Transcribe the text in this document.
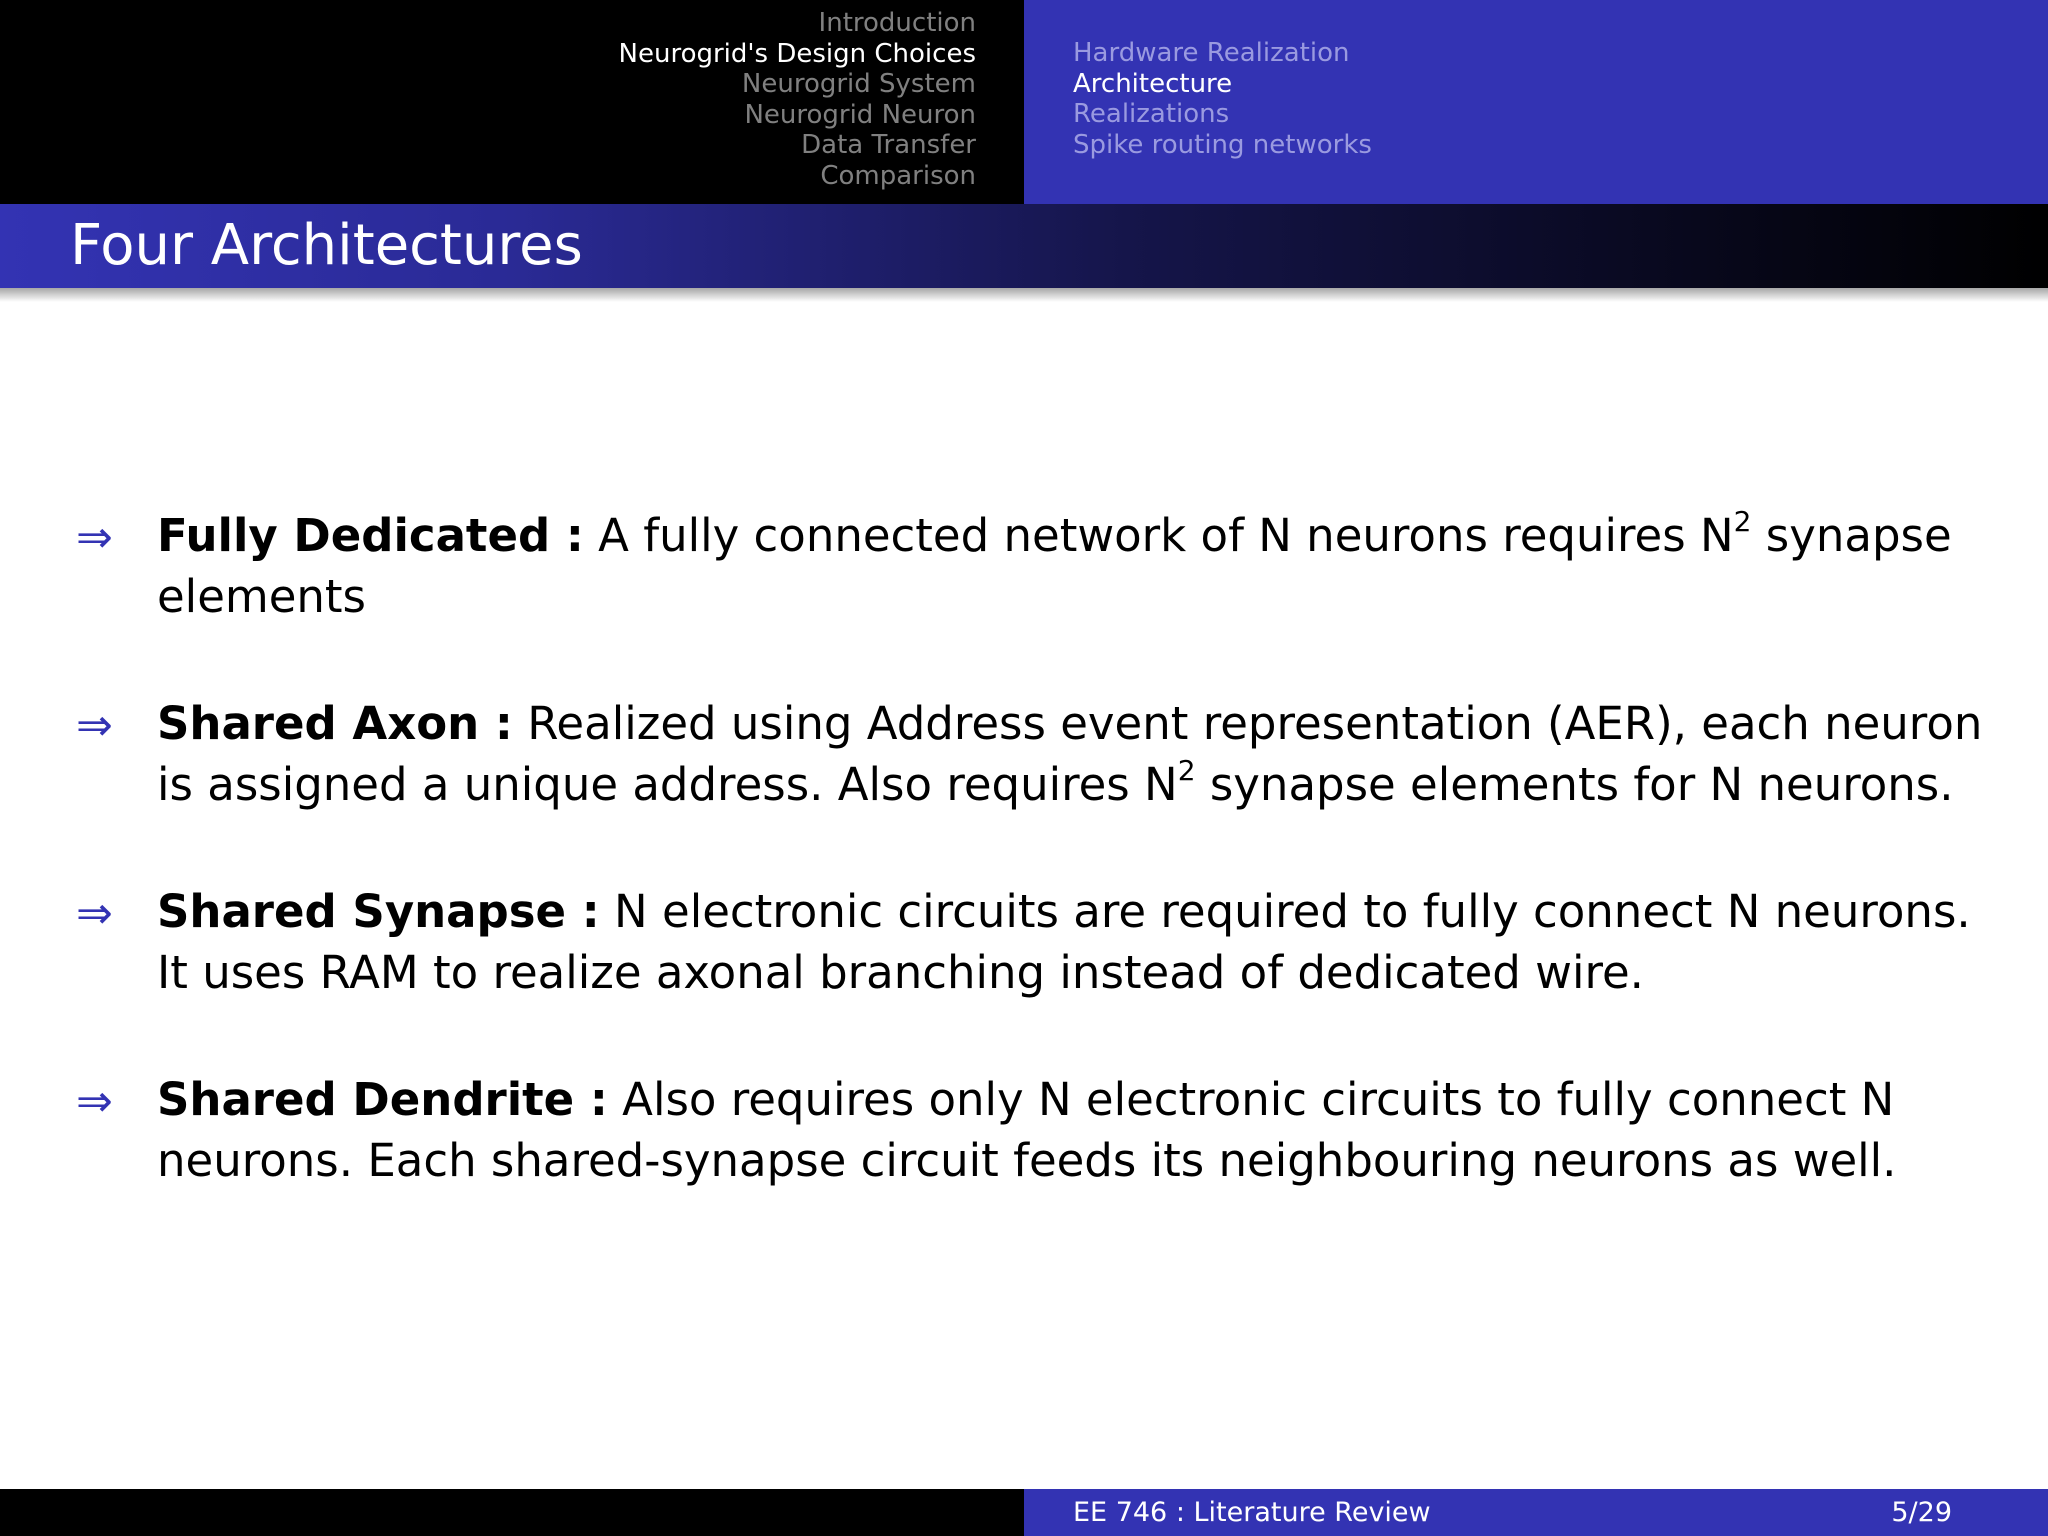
Introduction
Neurogrid's Design Choices
Neurogrid System
Neurogrid Neuron
Data Transfer
Comparison
Hardware Realization
Architecture
Realizations
Spike routing networks
Four Architectures
⇒ Fully Dedicated : A fully connected network of N neurons requires $N^2$ synapse elements
⇒ Shared Axon : Realized using Address event representation (AER), each neuron is assigned a unique address. Also requires $N^2$ synapse elements for N neurons.
⇒ Shared Synapse : N electronic circuits are required to fully connect N neurons. It uses RAM to realize axonal branching instead of dedicated wire.
⇒ Shared Dendrite : Also requires only N electronic circuits to fully connect N neurons. Each shared-synapse circuit feeds its neighbouring neurons as well.
EE 746 : Literature Review	5/29
